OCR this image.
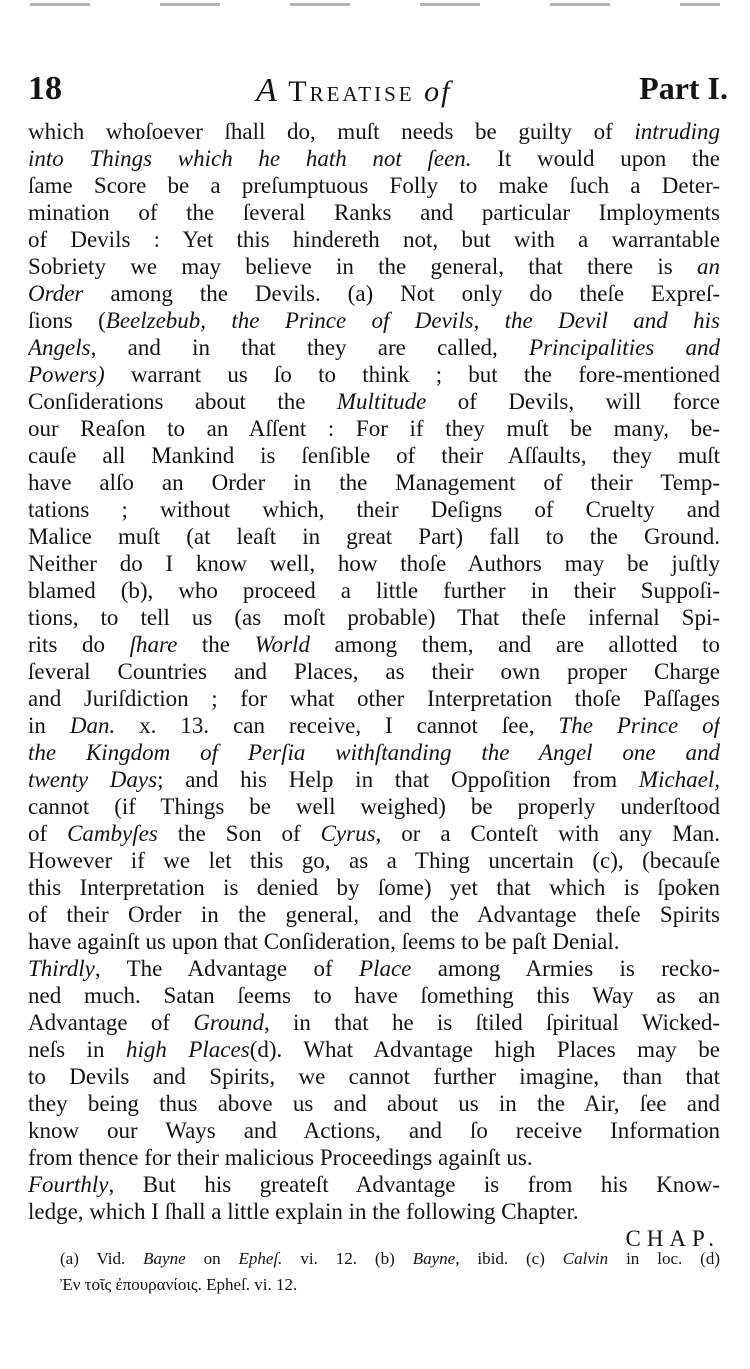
18	A Treatise of	Part I.
which whoſoever ſhall do, muſt needs be guilty of intruding
into Things which he hath not ſeen. It would upon the
ſame Score be a preſumptuous Folly to make ſuch a Deter-
mination of the ſeveral Ranks and particular Imployments
of Devils : Yet this hindereth not, but with a warrantable
Sobriety we may believe in the general, that there is an
Order among the Devils. (a) Not only do theſe Expreſ-
ſions (Beelzebub, the Prince of Devils, the Devil and his
Angels, and in that they are called, Principalities and
Powers) warrant us ſo to think ; but the fore-mentioned
Conſiderations about the Multitude of Devils, will force
our Reaſon to an Aſſent : For if they muſt be many, be-
cauſe all Mankind is ſenſible of their Aſſaults, they muſt
have alſo an Order in the Management of their Temp-
tations ; without which, their Deſigns of Cruelty and
Malice muſt (at leaſt in great Part) fall to the Ground.
Neither do I know well, how thoſe Authors may be juſtly
blamed (b), who proceed a little further in their Suppoſi-
tions, to tell us (as moſt probable) That theſe infernal Spi-
rits do ſhare the World among them, and are allotted to
ſeveral Countries and Places, as their own proper Charge
and Juriſdiction ; for what other Interpretation thoſe Paſſages
in Dan. x. 13. can receive, I cannot ſee, The Prince of
the Kingdom of Perſia withſtanding the Angel one and
twenty Days; and his Help in that Oppoſition from Michael,
cannot (if Things be well weighed) be properly underſtood
of Cambyſes the Son of Cyrus, or a Conteſt with any Man.
However if we let this go, as a Thing uncertain (c), (becauſe
this Interpretation is denied by ſome) yet that which is ſpoken
of their Order in the general, and the Advantage theſe Spirits
have againſt us upon that Conſideration, ſeems to be paſt Denial.
Thirdly, The Advantage of Place among Armies is recko-
ned much. Satan ſeems to have ſomething this Way as an
Advantage of Ground, in that he is ſtiled ſpiritual Wicked-
neſs in high Places(d). What Advantage high Places may be
to Devils and Spirits, we cannot further imagine, than that
they being thus above us and about us in the Air, ſee and
know our Ways and Actions, and ſo receive Information
from thence for their malicious Proceedings againſt us.
Fourthly, But his greateſt Advantage is from his Know-
ledge, which I ſhall a little explain in the following Chapter.
CHAP.
(a) Vid. Bayne on Epheſ. vi. 12. (b) Bayne, ibid. (c) Calvin in loc. (d)
Ἐν τοῖς ἐπουρανίοις. Epheſ. vi. 12.
